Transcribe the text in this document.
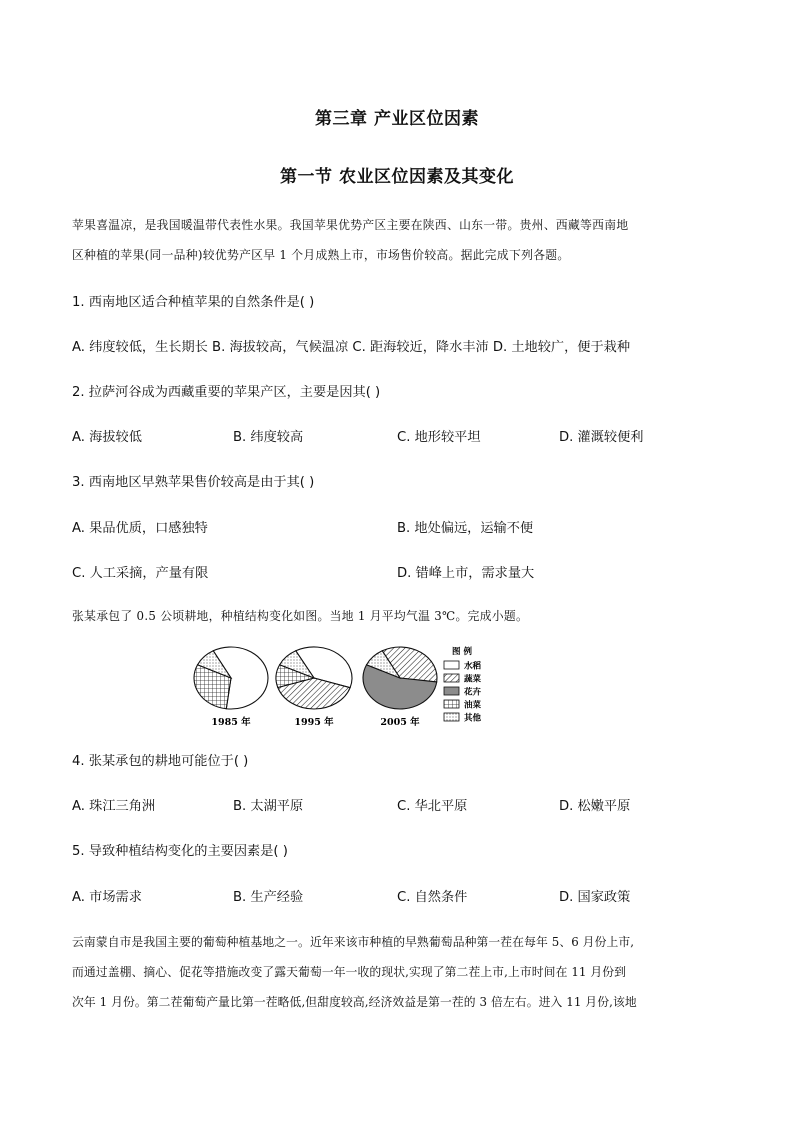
第三章 产业区位因素
第一节 农业区位因素及其变化
苹果喜温凉，是我国暖温带代表性水果。我国苹果优势产区主要在陕西、山东一带。贵州、西藏等西南地
区种植的苹果(同一品种)较优势产区早 1 个月成熟上市，市场售价较高。据此完成下列各题。
1. 西南地区适合种植苹果的自然条件是( )
A. 纬度较低，生长期长 B. 海拔较高，气候温凉 C. 距海较近，降水丰沛 D. 土地较广，便于栽种
2. 拉萨河谷成为西藏重要的苹果产区，主要是因其( )
A. 海拔较低	B. 纬度较高	C. 地形较平坦	D. 灌溉较便利
3. 西南地区早熟苹果售价较高是由于其( )
A. 果品优质，口感独特	B. 地处偏远，运输不便
C. 人工采摘，产量有限	D. 错峰上市，需求量大
张某承包了 0.5 公顷耕地，种植结构变化如图。当地 1 月平均气温 3℃。完成小题。
1985 年	1995 年	2005 年
图 例
水稻
蔬菜
花卉
油菜
其他
4. 张某承包的耕地可能位于( )
A. 珠江三角洲	B. 太湖平原	C. 华北平原	D. 松嫩平原
5. 导致种植结构变化的主要因素是( )
A. 市场需求	B. 生产经验	C. 自然条件	D. 国家政策
云南蒙自市是我国主要的葡萄种植基地之一。近年来该市种植的早熟葡萄品种第一茬在每年 5、6 月份上市,
而通过盖棚、摘心、促花等措施改变了露天葡萄一年一收的现状,实现了第二茬上市,上市时间在 11 月份到
次年 1 月份。第二茬葡萄产量比第一茬略低,但甜度较高,经济效益是第一茬的 3 倍左右。进入 11 月份,该地
